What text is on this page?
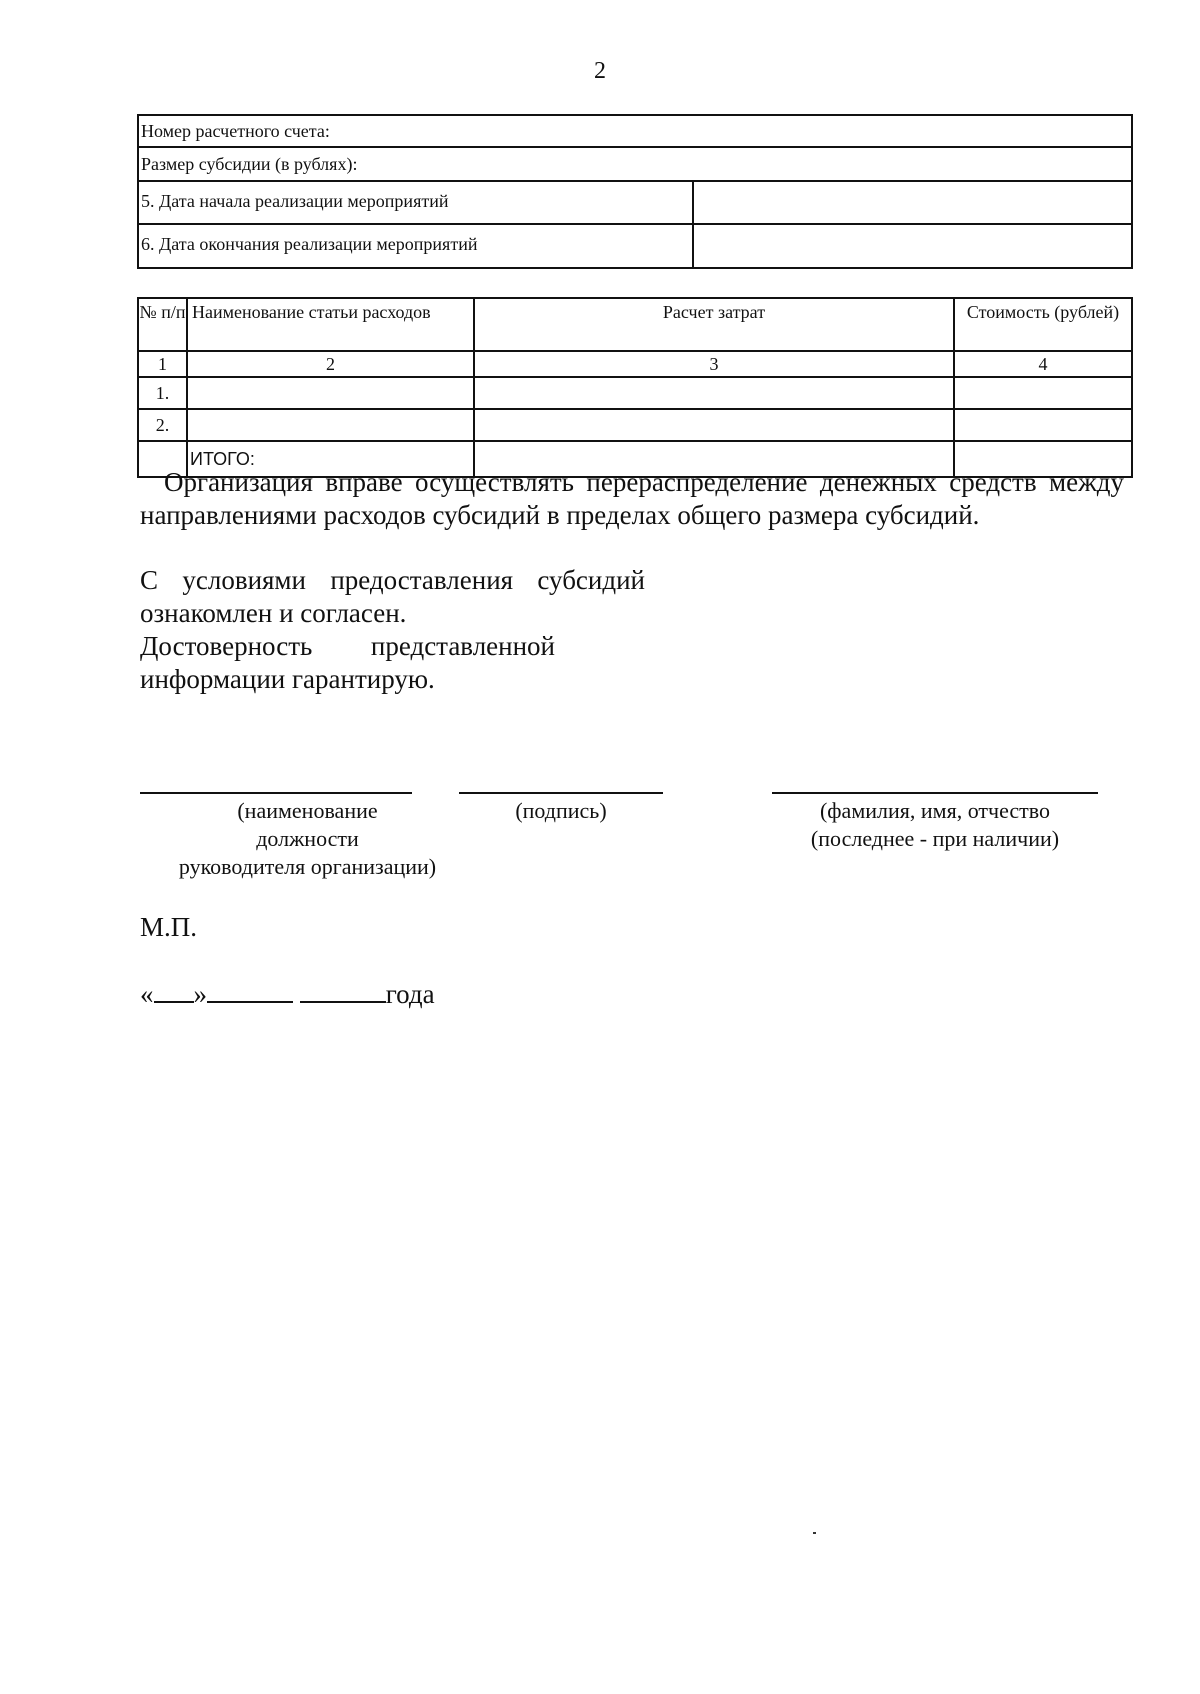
2
Номер расчетного счета:	
Размер субсидии (в рублях):	
5. Дата начала реализации мероприятий	
6. Дата окончания реализации мероприятий	
№ п/п	Наименование статьи расходов	Расчет затрат	Стоимость (рублей)
1	2	3	4
1.			
2.			
	ИТОГО:		
Организация вправе осуществлять перераспределение денежных средств между направлениями расходов субсидий в пределах общего размера субсидий.
С условиями предоставления субсидий
ознакомлен и согласен.
Достоверность представленной
информации гарантирую.
(наименование
должности
руководителя организации)
(подпись)	(фамилия, имя, отчество
(последнее - при наличии)
М.П.
« »	года
